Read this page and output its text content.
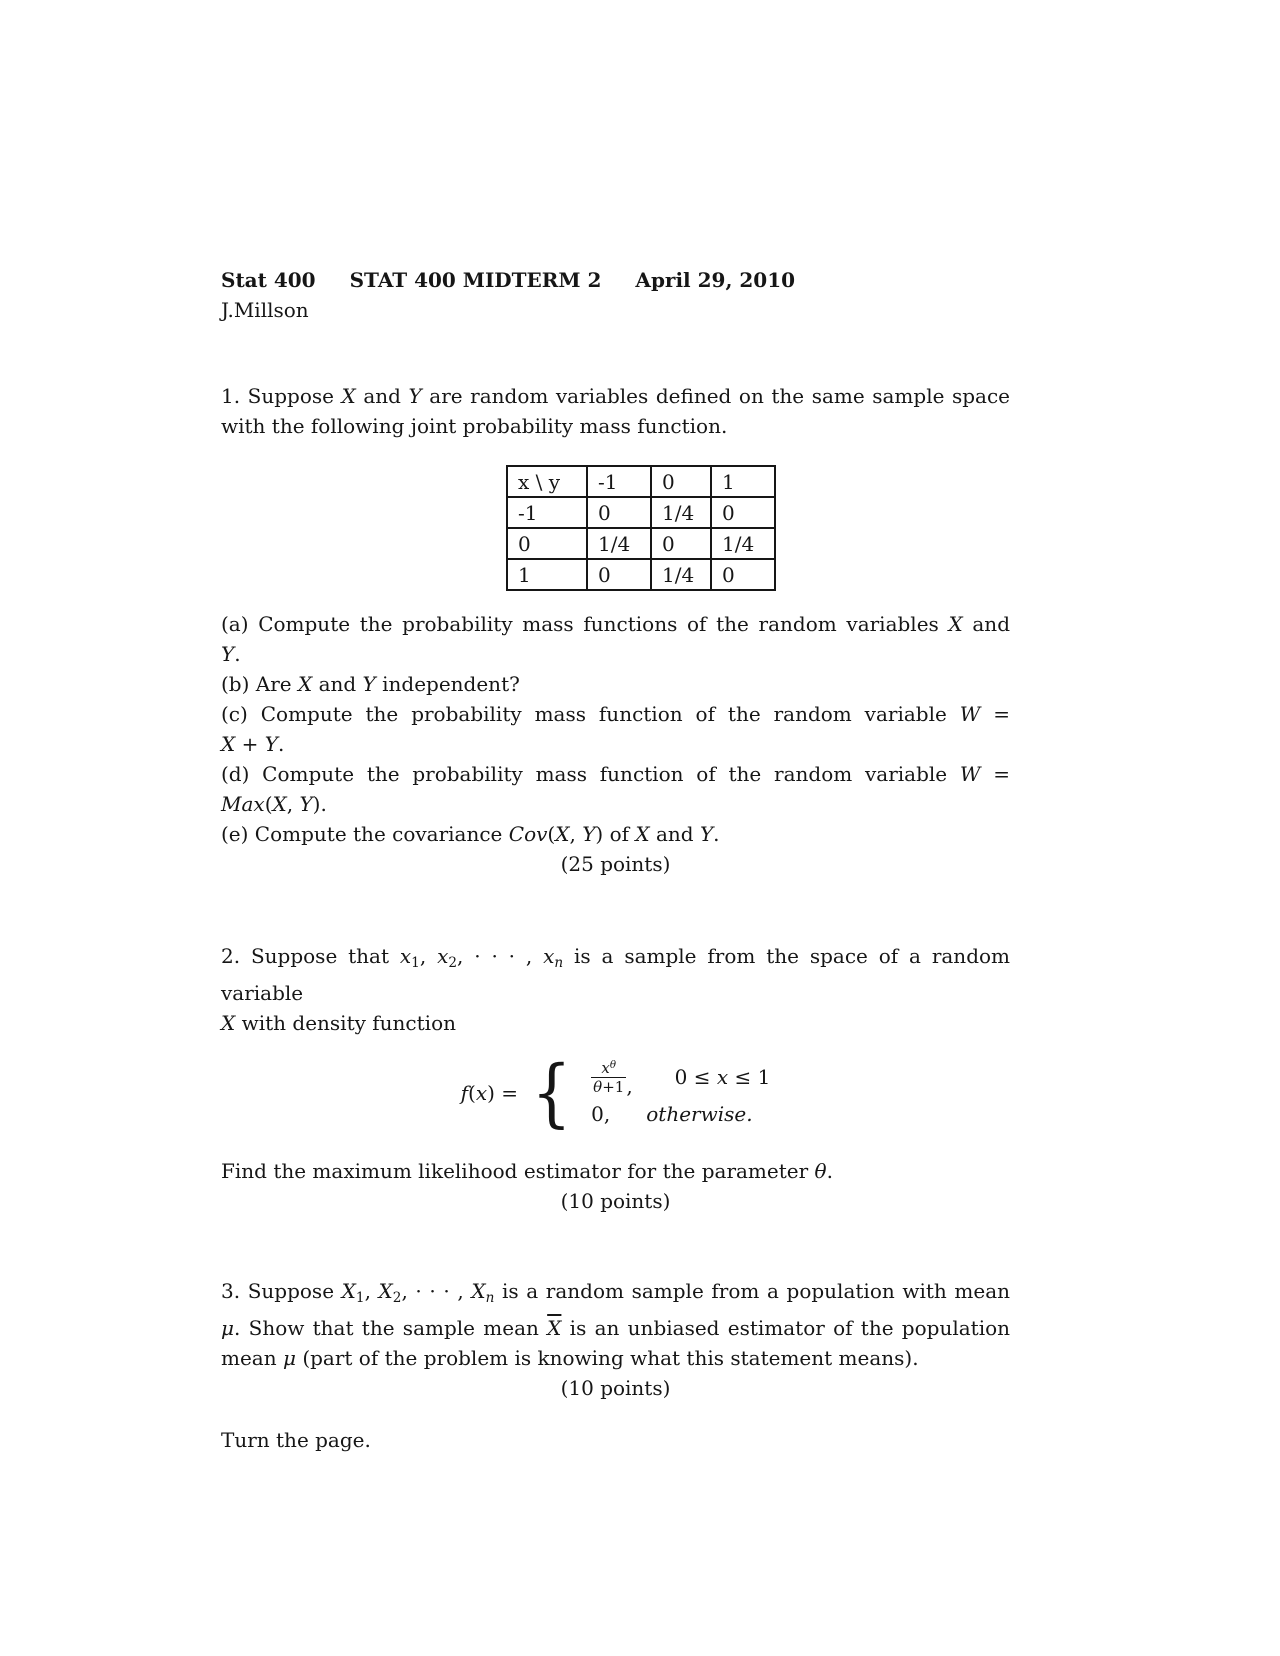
Stat 400 STAT 400 MIDTERM 2 April 29, 2010
J.Millson
1. Suppose X and Y are random variables defined on the same sample space
with the following joint probability mass function.
x \ y	-1	0	1
-1	0	1/4	0
0	1/4	0	1/4
1	0	1/4	0
(a) Compute the probability mass functions of the random variables X and
Y.
(b) Are X and Y independent?
(c) Compute the probability mass function of the random variable W =
X + Y.
(d) Compute the probability mass function of the random variable W =
Max(X, Y).
(e) Compute the covariance Cov(X, Y) of X and Y.
(25 points)
2. Suppose that x1, x2, · · · , xn is a sample from the space of a random variable
X with density function
f(x) = { $\frac{x^\theta}{\theta+1}$ , 0 ≤ x ≤ 1
0, otherwise.
Find the maximum likelihood estimator for the parameter θ.
(10 points)
3. Suppose X1, X2, · · · , Xn is a random sample from a population with mean
μ. Show that the sample mean $\overline{X}$ is an unbiased estimator of the population
mean μ (part of the problem is knowing what this statement means).
(10 points)
Turn the page.
